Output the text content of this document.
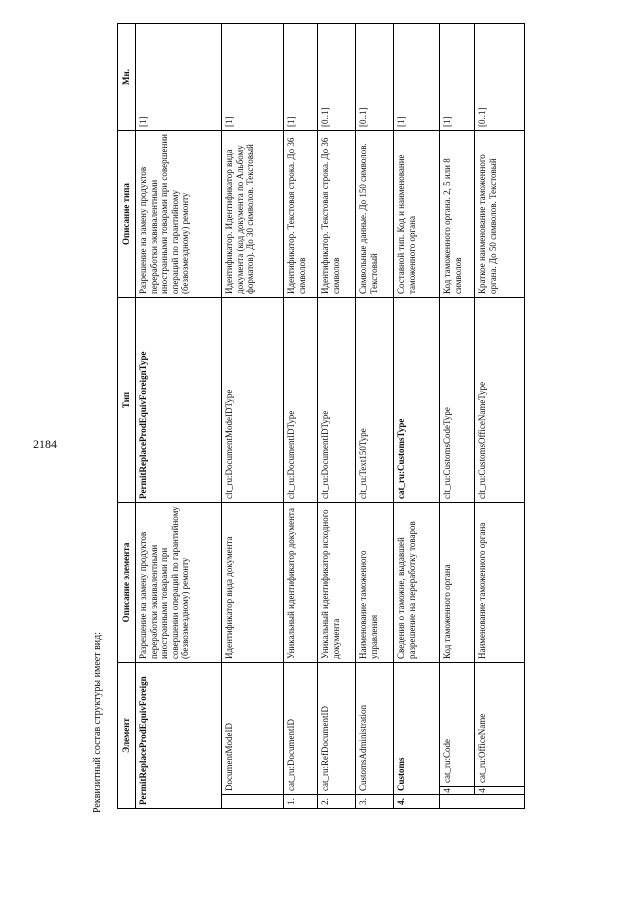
2184
Реквизитный состав структуры имеет вид: Элемент			Описание элемента	Тип	Описание типа	Мн.
PermitReplaceProdEquivForeign			Разрешение на замену продуктов переработки эквивалентными иностранными товарами при совершении операций по гарантийному (безвозмездному) ремонту	PermitReplaceProdEquivForeignType	Разрешение на замену продуктов переработки эквивалентными иностранными товарами при совершении операций по гарантийному (безвозмездному) ремонту	[1]
	DocumentModeID		Идентификатор вида документа	clt_ru:DocumentModeIDType	Идентификатор. Идентификатор вида документа (код документа по Альбому форматов). До 30 символов. Текстовый	[1]
1.	cat_ru:DocumentID		Уникальный идентификатор документа	clt_ru:DocumentIDType	Идентификатор. Текстовая строка. До 36 символов	[1]
2.	cat_ru:RefDocumentID		Уникальный идентификатор исходного документа	clt_ru:DocumentIDType	Идентификатор. Текстовая строка. До 36 символов	[0..1]
3.	CustomsAdministration		Наименование таможенного управления	clt_ru:Text150Type	Символьные данные. До 150 символов. Текстовый	[0..1]
4.	Customs		Сведения о таможне, выдавшей разрешение на переработку товаров	cat_ru:CustomsType	Составной тип. Код и наименование таможенного органа	[1]
	4	cat_ru:Code	Код таможенного органа	clt_ru:CustomsCodeType	Код таможенного органа. 2, 5 или 8 символов	[1]
	4	cat_ru:OfficeName	Наименование таможенного органа	clt_ru:CustomsOfficeNameType	Краткое наименование таможенного органа. До 50 символов. Текстовый	[0..1]
